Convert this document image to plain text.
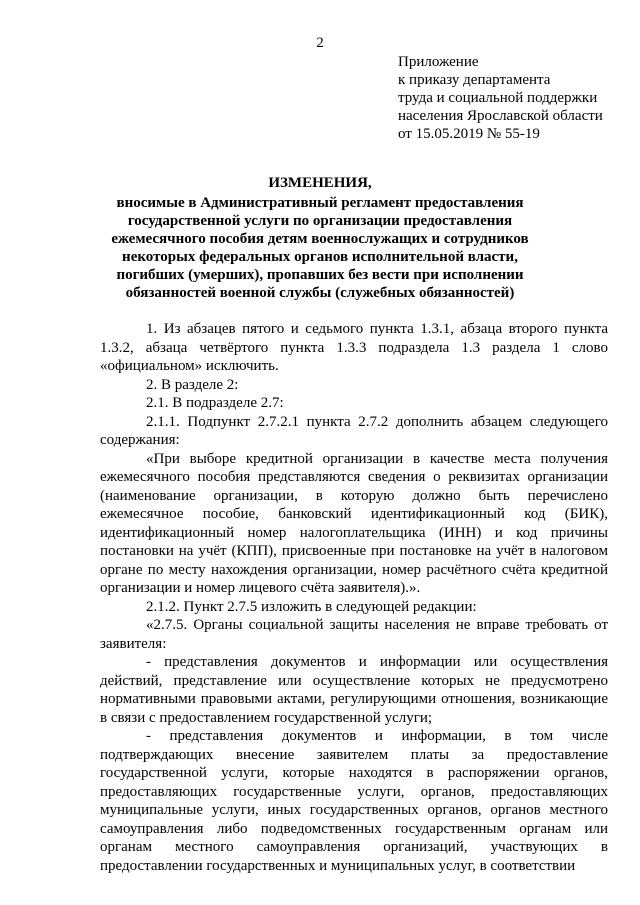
2
Приложение
к приказу департамента
труда и социальной поддержки
населения Ярославской области
от 15.05.2019 № 55-19
ИЗМЕНЕНИЯ,
вносимые в Административный регламент предоставления государственной услуги по организации предоставления ежемесячного пособия детям военнослужащих и сотрудников некоторых федеральных органов исполнительной власти, погибших (умерших), пропавших без вести при исполнении обязанностей военной службы (служебных обязанностей)

1. Из абзацев пятого и седьмого пункта 1.3.1, абзаца второго пункта 1.3.2, абзаца четвёртого пункта 1.3.3 подраздела 1.3 раздела 1 слово «официальном» исключить.

2. В разделе 2:

2.1. В подразделе 2.7:

2.1.1. Подпункт 2.7.2.1 пункта 2.7.2 дополнить абзацем следующего содержания:

«При выборе кредитной организации в качестве места получения ежемесячного пособия представляются сведения о реквизитах организации (наименование организации, в которую должно быть перечислено ежемесячное пособие, банковский идентификационный код (БИК), идентификационный номер налогоплательщика (ИНН) и код причины постановки на учёт (КПП), присвоенные при постановке на учёт в налоговом органе по месту нахождения организации, номер расчётного счёта кредитной организации и номер лицевого счёта заявителя).».

2.1.2. Пункт 2.7.5 изложить в следующей редакции:

«2.7.5. Органы социальной защиты населения не вправе требовать от заявителя:

- представления документов и информации или осуществления действий, представление или осуществление которых не предусмотрено нормативными правовыми актами, регулирующими отношения, возникающие в связи с предоставлением государственной услуги;

- представления документов и информации, в том числе подтверждающих внесение заявителем платы за предоставление государственной услуги, которые находятся в распоряжении органов, предоставляющих государственные услуги, органов, предоставляющих муниципальные услуги, иных государственных органов, органов местного самоуправления либо подведомственных государственным органам или органам местного самоуправления организаций, участвующих в предоставлении государственных и муниципальных услуг, в соответствии
